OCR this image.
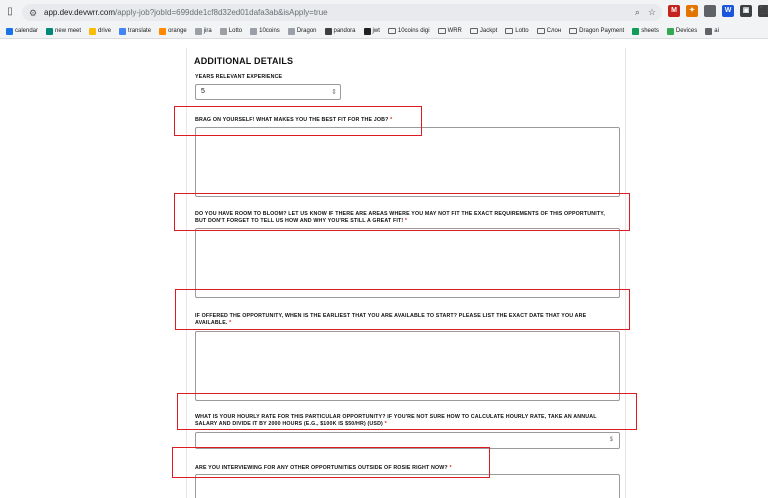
▯	⚙ app.dev.devwrr.com/apply-job?jobId=699dde1cf8d32ed01dafa3ab&isApply=true	⌕ ☆	M	✦	W	▣	⬛
calendar	new meet	drive	translate	orange	jira	Lotto	10coins	Dragon	pandora	jwt	10coins digi	WRR	Jackpt	Lotto	Слон	Dragon Payment	sheets	Devices	ai
ADDITIONAL DETAILS
YEARS RELEVANT EXPERIENCE
5	⇕
BRAG ON YOURSELF! WHAT MAKES YOU THE BEST FIT FOR THE JOB? *
DO YOU HAVE ROOM TO BLOOM? LET US KNOW IF THERE ARE AREAS WHERE YOU MAY NOT FIT THE EXACT REQUIREMENTS OF THIS OPPORTUNITY,
BUT DON'T FORGET TO TELL US HOW AND WHY YOU'RE STILL A GREAT FIT! *
IF OFFERED THE OPPORTUNITY, WHEN IS THE EARLIEST THAT YOU ARE AVAILABLE TO START? PLEASE LIST THE EXACT DATE THAT YOU ARE
AVAILABLE. *
WHAT IS YOUR HOURLY RATE FOR THIS PARTICULAR OPPORTUNITY? IF YOU'RE NOT SURE HOW TO CALCULATE HOURLY RATE, TAKE AN ANNUAL
SALARY AND DIVIDE IT BY 2000 HOURS (E.G., $100K IS $50/HR) (USD) *
$
ARE YOU INTERVIEWING FOR ANY OTHER OPPORTUNITIES OUTSIDE OF ROSIE RIGHT NOW? *
